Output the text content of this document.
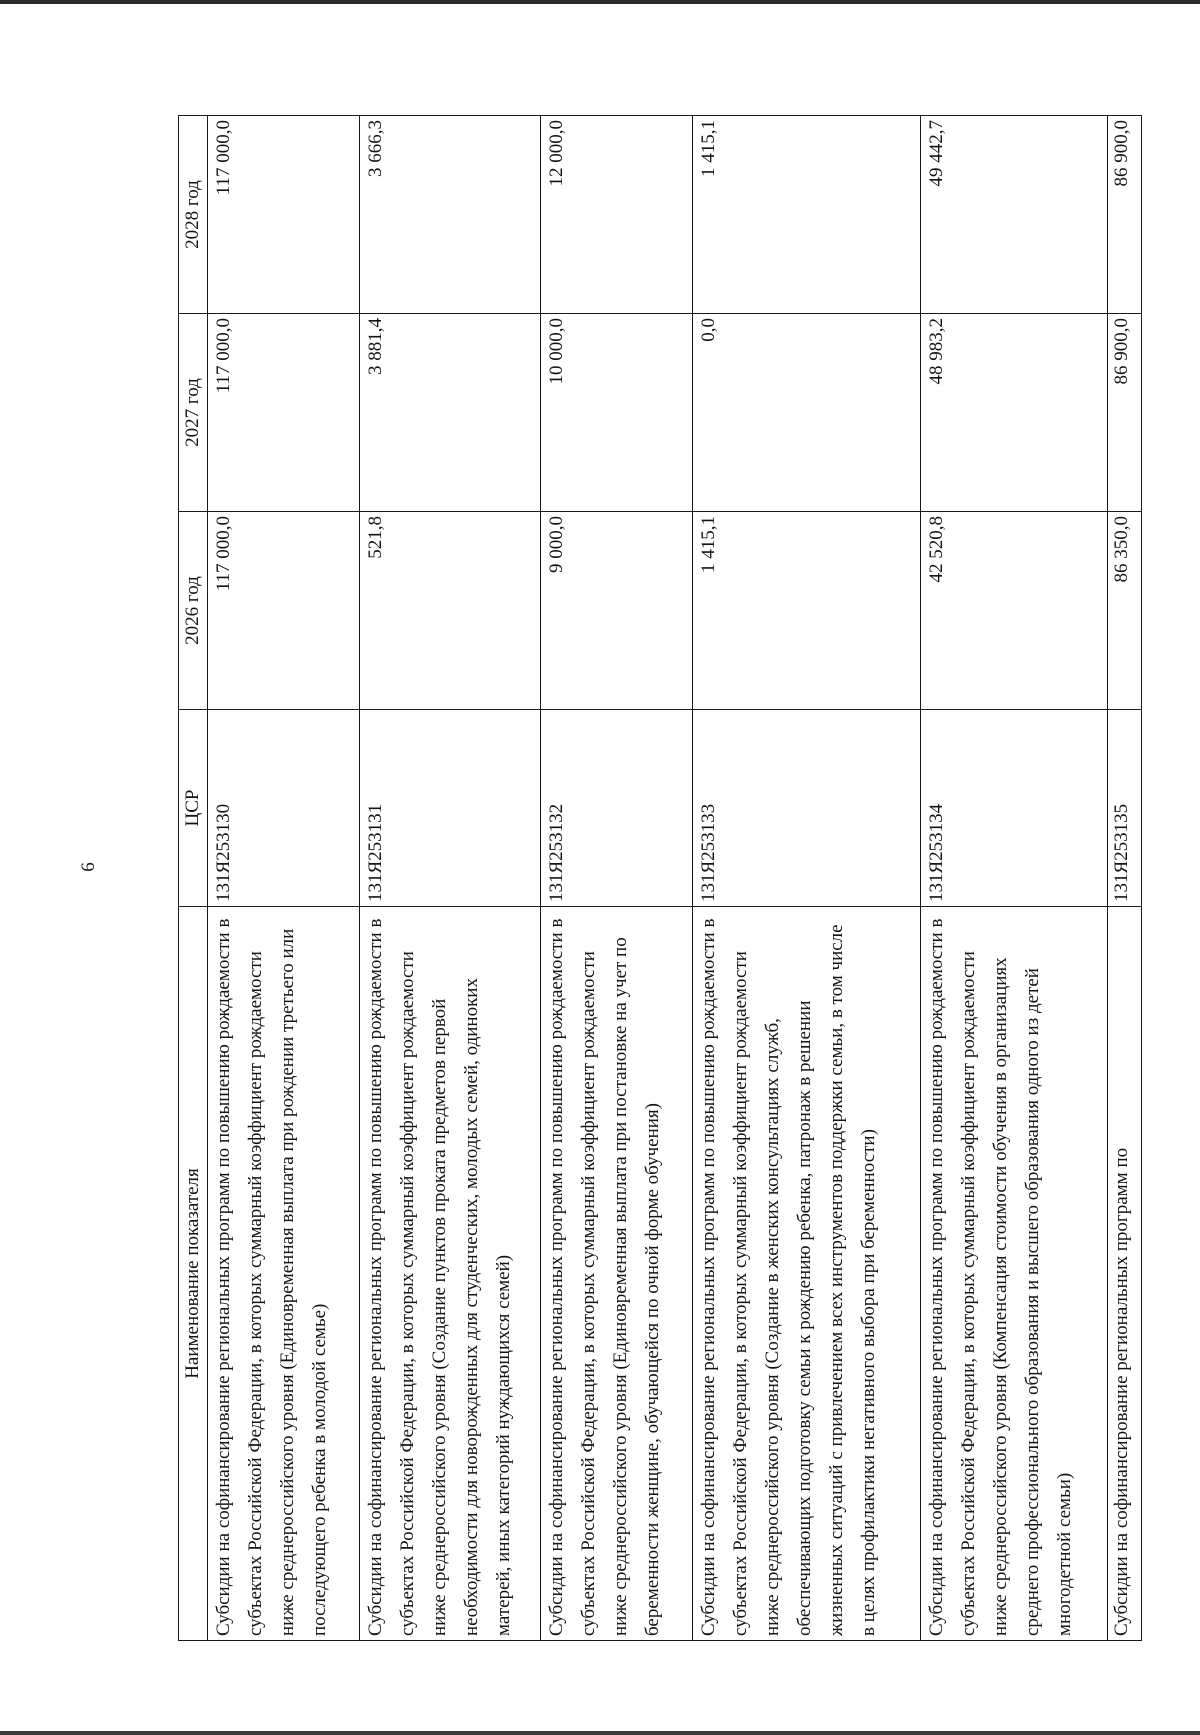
6
Наименование показателя	ЦСР	2026 год	2027 год	2028 год
Субсидии на софинансирование региональных программ по повышению рождаемости в субъектах Российской Федерации, в которых суммарный коэффициент рождаемости ниже среднероссийского уровня (Единовременная выплата при рождении третьего или последующего ребенка в молодой семье)	131Я253130	117 000,0	117 000,0	117 000,0
Субсидии на софинансирование региональных программ по повышению рождаемости в субъектах Российской Федерации, в которых суммарный коэффициент рождаемости ниже среднероссийского уровня (Создание пунктов проката предметов первой необходимости для новорожденных для студенческих, молодых семей, одиноких матерей, иных категорий нуждающихся семей)	131Я253131	521,8	3 881,4	3 666,3
Субсидии на софинансирование региональных программ по повышению рождаемости в субъектах Российской Федерации, в которых суммарный коэффициент рождаемости ниже среднероссийского уровня (Единовременная выплата при постановке на учет по беременности женщине, обучающейся по очной форме обучения)	131Я253132	9 000,0	10 000,0	12 000,0
Субсидии на софинансирование региональных программ по повышению рождаемости в субъектах Российской Федерации, в которых суммарный коэффициент рождаемости ниже среднероссийского уровня (Создание в женских консультациях служб, обеспечивающих подготовку семьи к рождению ребенка, патронаж в решении жизненных ситуаций с привлечением всех инструментов поддержки семьи, в том числе в целях профилактики негативного выбора при беременности)	131Я253133	1 415,1	0,0	1 415,1
Субсидии на софинансирование региональных программ по повышению рождаемости в субъектах Российской Федерации, в которых суммарный коэффициент рождаемости ниже среднероссийского уровня (Компенсация стоимости обучения в организациях среднего профессионального образования и высшего образования одного из детей многодетной семьи)	131Я253134	42 520,8	48 983,2	49 442,7
Субсидии на софинансирование региональных программ по	131Я253135	86 350,0	86 900,0	86 900,0
